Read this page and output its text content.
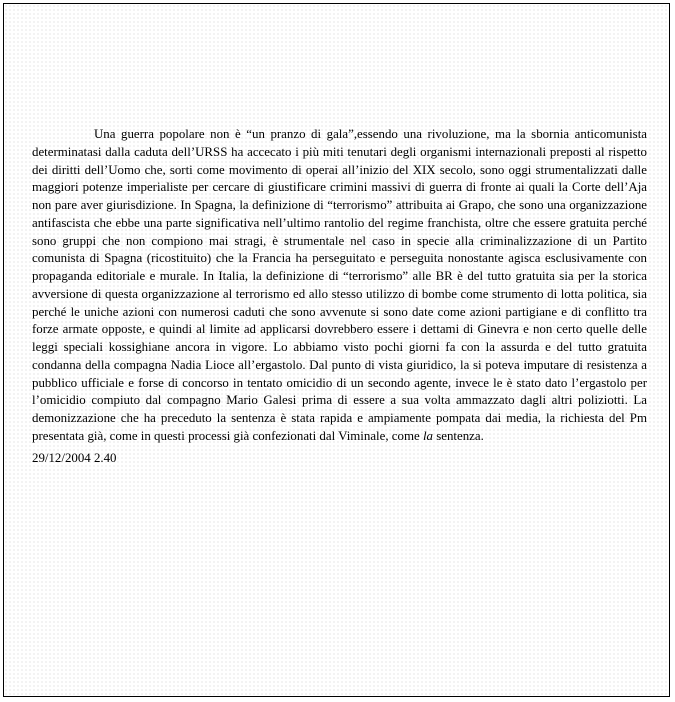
Una guerra popolare non è “un pranzo di gala”,essendo una rivoluzione, ma la sbornia anticomunista determinatasi dalla caduta dell’URSS ha accecato i più miti tenutari degli organismi internazionali preposti al rispetto dei diritti dell’Uomo che, sorti come movimento di operai all’inizio del XIX secolo, sono oggi strumentalizzati dalle maggiori potenze imperialiste per cercare di giustificare crimini massivi di guerra di fronte ai quali la Corte dell’Aja non pare aver giurisdizione. In Spagna, la definizione di “terrorismo” attribuita ai Grapo, che sono una organizzazione antifascista che ebbe una parte significativa nell’ultimo rantolio del regime franchista, oltre che essere gratuita perché sono gruppi che non compiono mai stragi, è strumentale nel caso in specie alla criminalizzazione di un Partito comunista di Spagna (ricostituito) che la Francia ha perseguitato e perseguita nonostante agisca esclusivamente con propaganda editoriale e murale. In Italia, la definizione di “terrorismo” alle BR è del tutto gratuita sia per la storica avversione di questa organizzazione al terrorismo ed allo stesso utilizzo di bombe come strumento di lotta politica, sia perché le uniche azioni con numerosi caduti che sono avvenute si sono date come azioni partigiane e di conflitto tra forze armate opposte, e quindi al limite ad applicarsi dovrebbero essere i dettami di Ginevra e non certo quelle delle leggi speciali kossighiane ancora in vigore. Lo abbiamo visto pochi giorni fa con la assurda e del tutto gratuita condanna della compagna Nadia Lioce all’ergastolo. Dal punto di vista giuridico, la si poteva imputare di resistenza a pubblico ufficiale e forse di concorso in tentato omicidio di un secondo agente, invece le è stato dato l’ergastolo per l’omicidio compiuto dal compagno Mario Galesi prima di essere a sua volta ammazzato dagli altri poliziotti. La demonizzazione che ha preceduto la sentenza è stata rapida e ampiamente pompata dai media, la richiesta del Pm presentata già, come in questi processi già confezionati dal Viminale, come la sentenza.

29/12/2004 2.40
